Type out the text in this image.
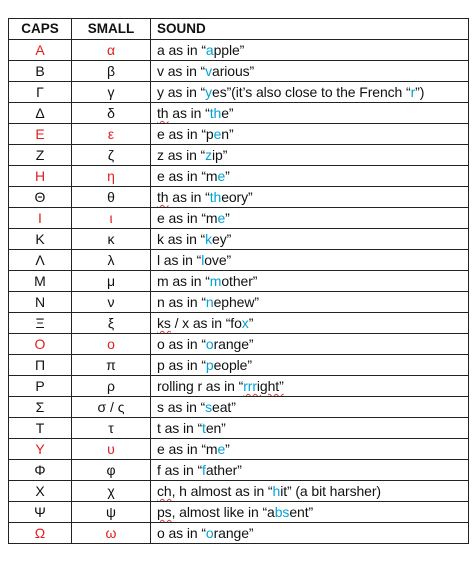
CAPS	SMALL	SOUND
Α	α	a as in “apple”
Β	β	v as in “various”
Γ	γ	y as in “yes”(it’s also close to the French “r”)
Δ	δ	th as in “the”
Ε	ε	e as in “pen”
Ζ	ζ	z as in “zip”
Η	η	e as in “me”
Θ	θ	th as in “theory”
Ι	ι	e as in “me”
Κ	κ	k as in “key”
Λ	λ	l as in “love”
Μ	μ	m as in “mother”
Ν	ν	n as in “nephew”
Ξ	ξ	ks / x as in “fox”
Ο	ο	o as in “orange”
Π	π	p as in “people”
Ρ	ρ	rolling r as in “rrright”
Σ	σ / ς	s as in “seat”
Τ	τ	t as in “ten”
Υ	υ	e as in “me”
Φ	φ	f as in “father”
Χ	χ	ch, h almost as in “hit” (a bit harsher)
Ψ	ψ	ps, almost like in “absent”
Ω	ω	o as in “orange”
